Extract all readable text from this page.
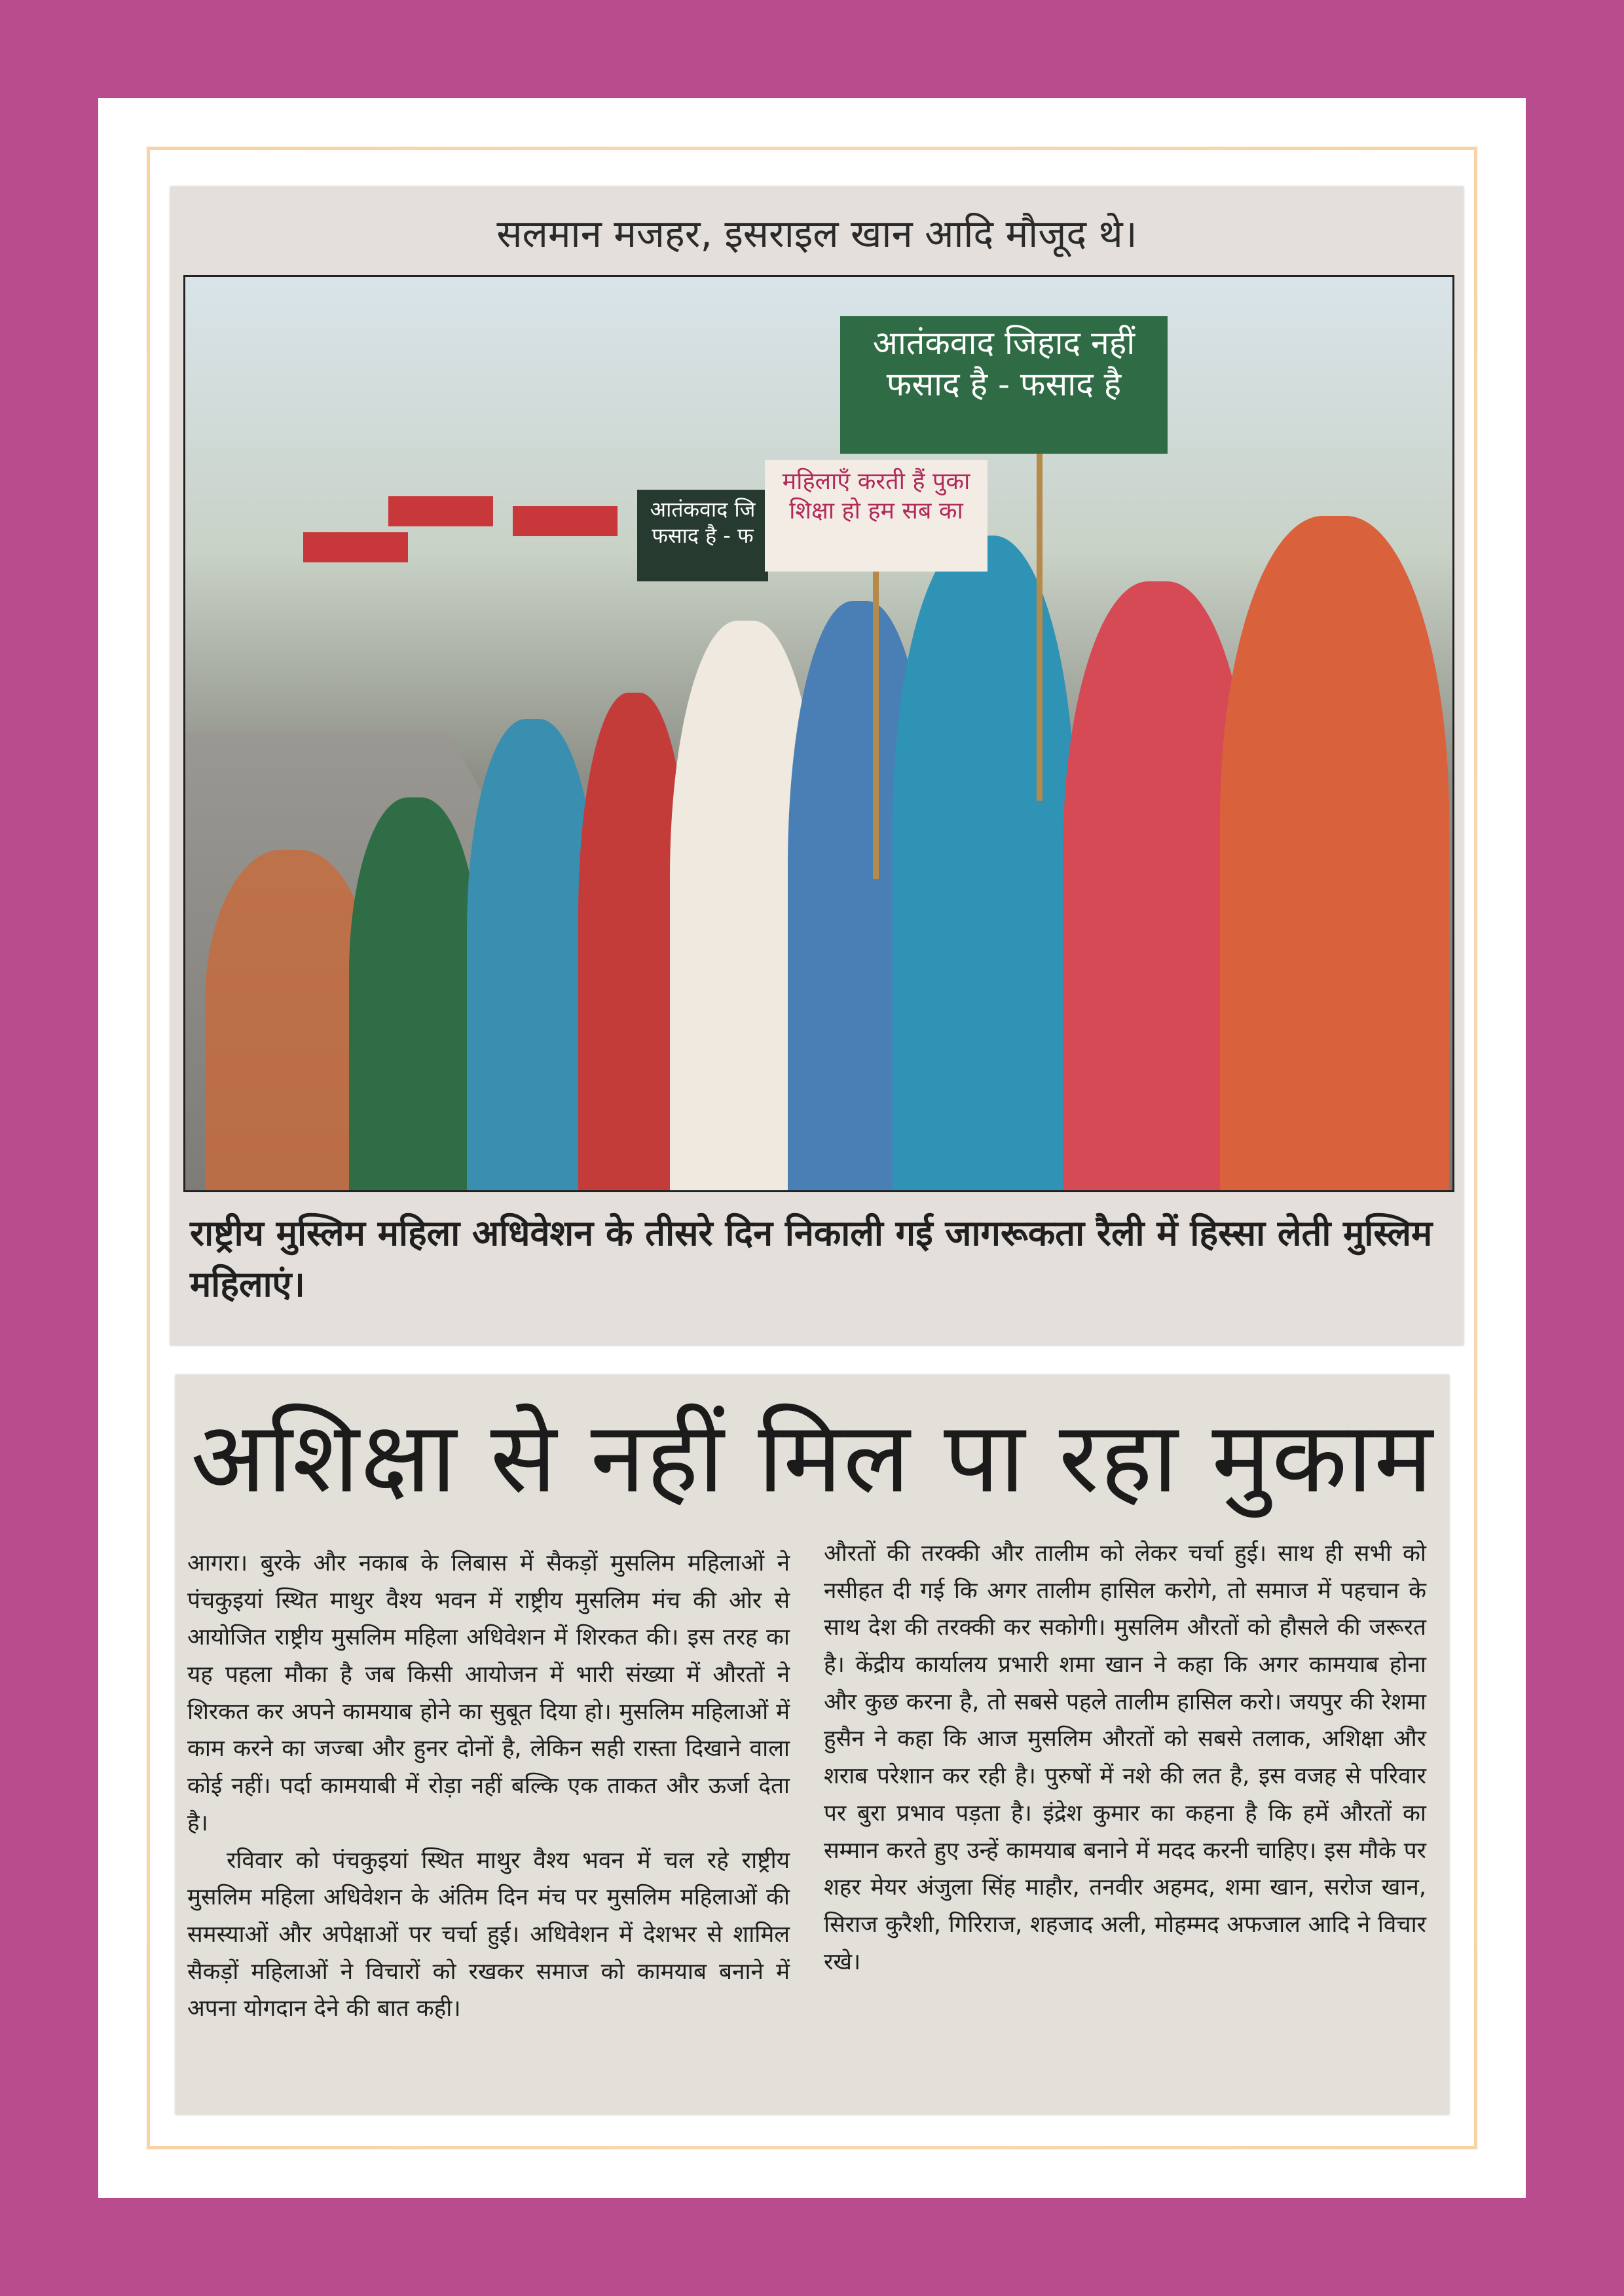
सलमान मजहर, इसराइल खान आदि मौजूद थे।
आतंकवाद जि फसाद है - फ
महिलाएँ करती हैं पुका शिक्षा हो हम सब का
आतंकवाद जिहाद नहीं फसाद है - फसाद है
राष्ट्रीय मुस्लिम महिला अधिवेशन के तीसरे दिन निकाली गई जागरूकता रैली में हिस्सा लेती मुस्लिम महिलाएं।
अशिक्षा से नहीं मिल पा रहा मुकाम

आगरा। बुरके और नकाब के लिबास में सैकड़ों मुसलिम महिलाओं ने पंचकुइयां स्थित माथुर वैश्य भवन में राष्ट्रीय मुसलिम मंच की ओर से आयोजित राष्ट्रीय मुसलिम महिला अधिवेशन में शिरकत की। इस तरह का यह पहला मौका है जब किसी आयोजन में भारी संख्या में औरतों ने शिरकत कर अपने कामयाब होने का सुबूत दिया हो। मुसलिम महिलाओं में काम करने का जज्बा और हुनर दोनों है, लेकिन सही रास्ता दिखाने वाला कोई नहीं। पर्दा कामयाबी में रोड़ा नहीं बल्कि एक ताकत और ऊर्जा देता है।

रविवार को पंचकुइयां स्थित माथुर वैश्य भवन में चल रहे राष्ट्रीय मुसलिम महिला अधिवेशन के अंतिम दिन मंच पर मुसलिम महिलाओं की समस्याओं और अपेक्षाओं पर चर्चा हुई। अधिवेशन में देशभर से शामिल सैकड़ों महिलाओं ने विचारों को रखकर समाज को कामयाब बनाने में अपना योगदान देने की बात कही।

औरतों की तरक्की और तालीम को लेकर चर्चा हुई। साथ ही सभी को नसीहत दी गई कि अगर तालीम हासिल करोगे, तो समाज में पहचान के साथ देश की तरक्की कर सकोगी। मुसलिम औरतों को हौसले की जरूरत है। केंद्रीय कार्यालय प्रभारी शमा खान ने कहा कि अगर कामयाब होना और कुछ करना है, तो सबसे पहले तालीम हासिल करो। जयपुर की रेशमा हुसैन ने कहा कि आज मुसलिम औरतों को सबसे तलाक, अशिक्षा और शराब परेशान कर रही है। पुरुषों में नशे की लत है, इस वजह से परिवार पर बुरा प्रभाव पड़ता है। इंद्रेश कुमार का कहना है कि हमें औरतों का सम्मान करते हुए उन्हें कामयाब बनाने में मदद करनी चाहिए। इस मौके पर शहर मेयर अंजुला सिंह माहौर, तनवीर अहमद, शमा खान, सरोज खान, सिराज कुरैशी, गिरिराज, शहजाद अली, मोहम्मद अफजाल आदि ने विचार रखे।
